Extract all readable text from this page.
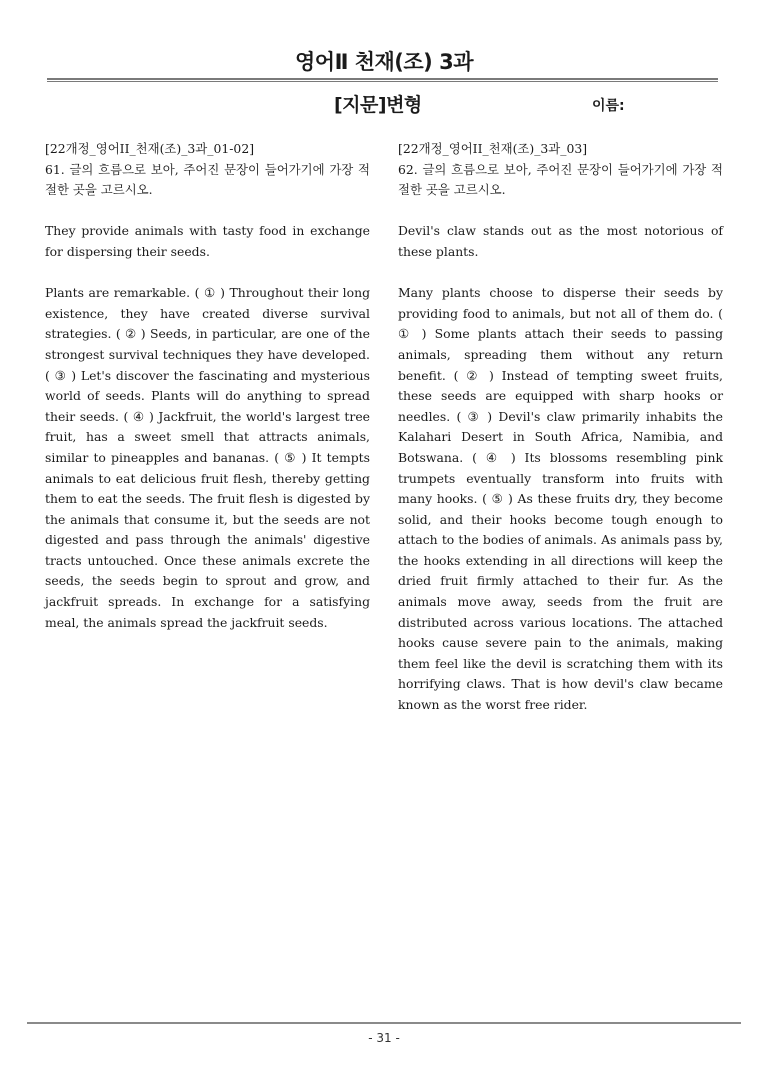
영어Ⅱ 천재(조) 3과
[지문]변형	이름:

[22개정_영어II_천재(조)_3과_01-02]

61. 글의 흐름으로 보아, 주어진 문장이 들어가기에 가장 적절한 곳을 고르시오.

They provide animals with tasty food in exchange for dispersing their seeds.

Plants are remarkable. ( ① ) Throughout their long existence, they have created diverse survival strategies. ( ② ) Seeds, in particular, are one of the strongest survival techniques they have developed. ( ③ ) Let's discover the fascinating and mysterious world of seeds. Plants will do anything to spread their seeds. ( ④ ) Jackfruit, the world's largest tree fruit, has a sweet smell that attracts animals, similar to pineapples and bananas. ( ⑤ ) It tempts animals to eat delicious fruit flesh, thereby getting them to eat the seeds. The fruit flesh is digested by the animals that consume it, but the seeds are not digested and pass through the animals' digestive tracts untouched. Once these animals excrete the seeds, the seeds begin to sprout and grow, and jackfruit spreads. In exchange for a satisfying meal, the animals spread the jackfruit seeds.

[22개정_영어II_천재(조)_3과_03]

62. 글의 흐름으로 보아, 주어진 문장이 들어가기에 가장 적절한 곳을 고르시오.

Devil's claw stands out as the most notorious of these plants.

Many plants choose to disperse their seeds by providing food to animals, but not all of them do. ( ① ) Some plants attach their seeds to passing animals, spreading them without any return benefit. ( ② ) Instead of tempting sweet fruits, these seeds are equipped with sharp hooks or needles. ( ③ ) Devil's claw primarily inhabits the Kalahari Desert in South Africa, Namibia, and Botswana. ( ④ ) Its blossoms resembling pink trumpets eventually transform into fruits with many hooks. ( ⑤ ) As these fruits dry, they become solid, and their hooks become tough enough to attach to the bodies of animals. As animals pass by, the hooks extending in all directions will keep the dried fruit firmly attached to their fur. As the animals move away, seeds from the fruit are distributed across various locations. The attached hooks cause severe pain to the animals, making them feel like the devil is scratching them with its horrifying claws. That is how devil's claw became known as the worst free rider.

- 31 -
